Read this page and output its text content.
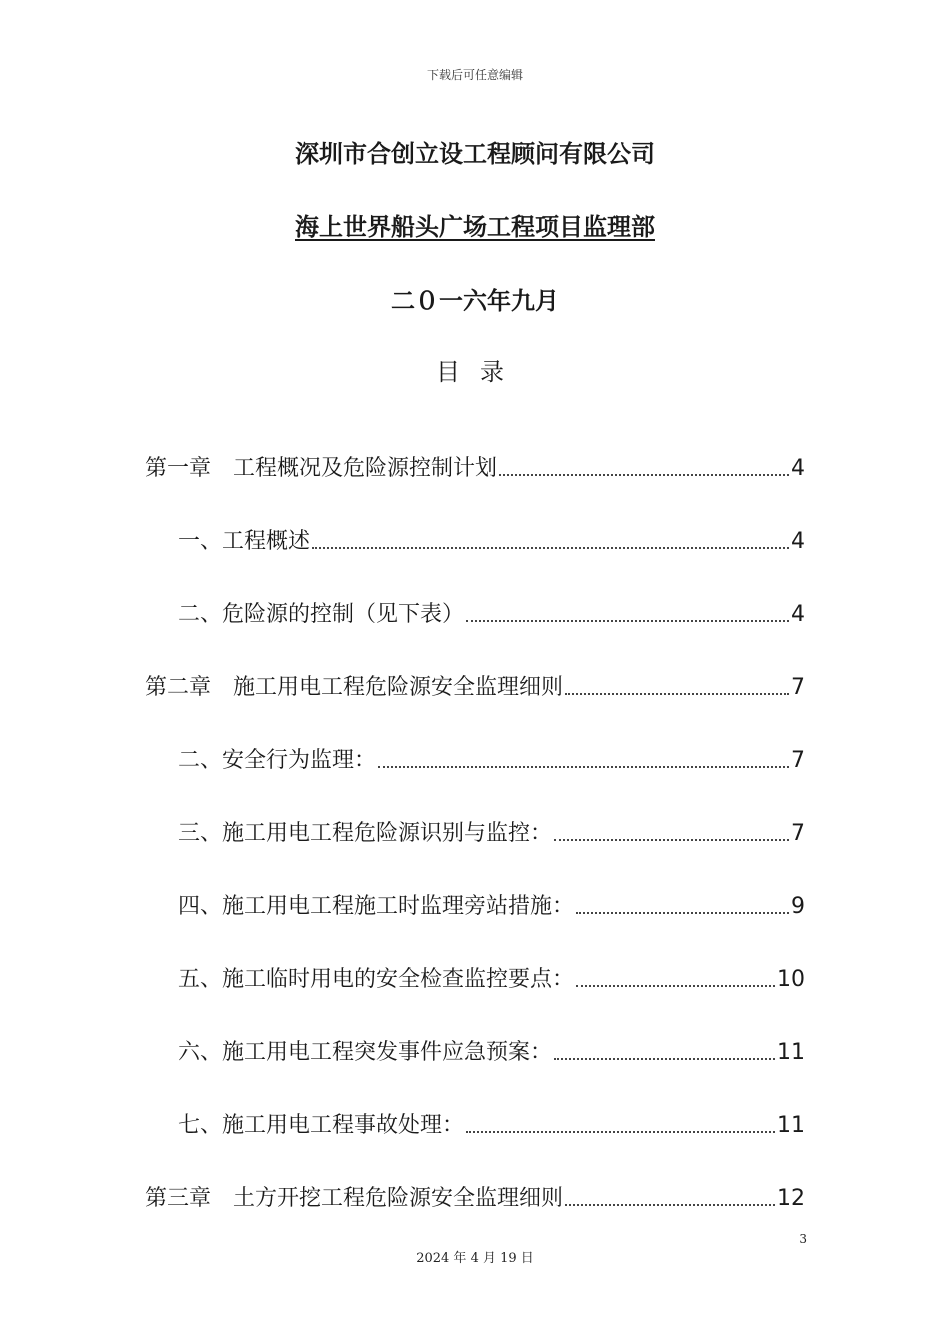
下载后可任意编辑
深圳市合创立设工程顾问有限公司
海上世界船头广场工程项目监理部
二０一六年九月
目录
第一章　工程概况及危险源控制计划	4
一、工程概述	4
二、危险源的控制（见下表）	4
第二章　施工用电工程危险源安全监理细则	7
二、安全行为监理：	7
三、施工用电工程危险源识别与监控：	7
四、施工用电工程施工时监理旁站措施：	9
五、施工临时用电的安全检查监控要点：	10
六、施工用电工程突发事件应急预案：	11
七、施工用电工程事故处理：	11
第三章　土方开挖工程危险源安全监理细则	12
3
2024 年 4 月 19 日
